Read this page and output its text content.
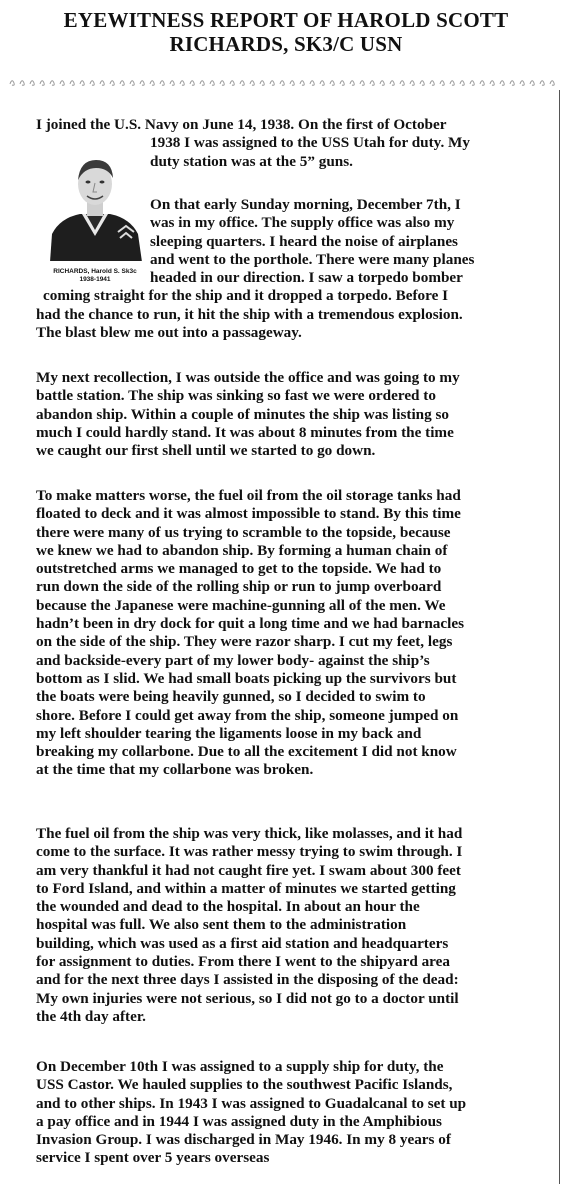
EYEWITNESS REPORT OF HAROLD SCOTT
RICHARDS, SK3/C USN
RICHARDS, Harold S. Sk3c
1938-1941
I joined the U.S. Navy on June 14, 1938. On the first of October
1938 I was assigned to the USS Utah for duty. My
duty station was at the 5” guns.
On that early Sunday morning, December 7th, I
was in my office. The supply office was also my
sleeping quarters. I heard the noise of airplanes
and went to the porthole. There were many planes
headed in our direction. I saw a torpedo bomber
coming straight for the ship and it dropped a torpedo. Before I
had the chance to run, it hit the ship with a tremendous explosion.
The blast blew me out into a passageway.
My next recollection, I was outside the office and was going to my
battle station. The ship was sinking so fast we were ordered to
abandon ship. Within a couple of minutes the ship was listing so
much I could hardly stand. It was about 8 minutes from the time
we caught our first shell until we started to go down.
To make matters worse, the fuel oil from the oil storage tanks had
floated to deck and it was almost impossible to stand. By this time
there were many of us trying to scramble to the topside, because
we knew we had to abandon ship. By forming a human chain of
outstretched arms we managed to get to the topside. We had to
run down the side of the rolling ship or run to jump overboard
because the Japanese were machine-gunning all of the men. We
hadn’t been in dry dock for quit a long time and we had barnacles
on the side of the ship. They were razor sharp. I cut my feet, legs
and backside-every part of my lower body- against the ship’s
bottom as I slid. We had small boats picking up the survivors but
the boats were being heavily gunned, so I decided to swim to
shore. Before I could get away from the ship, someone jumped on
my left shoulder tearing the ligaments loose in my back and
breaking my collarbone. Due to all the excitement I did not know
at the time that my collarbone was broken.
The fuel oil from the ship was very thick, like molasses, and it had
come to the surface. It was rather messy trying to swim through. I
am very thankful it had not caught fire yet. I swam about 300 feet
to Ford Island, and within a matter of minutes we started getting
the wounded and dead to the hospital. In about an hour the
hospital was full. We also sent them to the administration
building, which was used as a first aid station and headquarters
for assignment to duties. From there I went to the shipyard area
and for the next three days I assisted in the disposing of the dead:
My own injuries were not serious, so I did not go to a doctor until
the 4th day after.
On December 10th I was assigned to a supply ship for duty, the
USS Castor. We hauled supplies to the southwest Pacific Islands,
and to other ships. In 1943 I was assigned to Guadalcanal to set up
a pay office and in 1944 I was assigned duty in the Amphibious
Invasion Group. I was discharged in May 1946. In my 8 years of
service I spent over 5 years overseas
